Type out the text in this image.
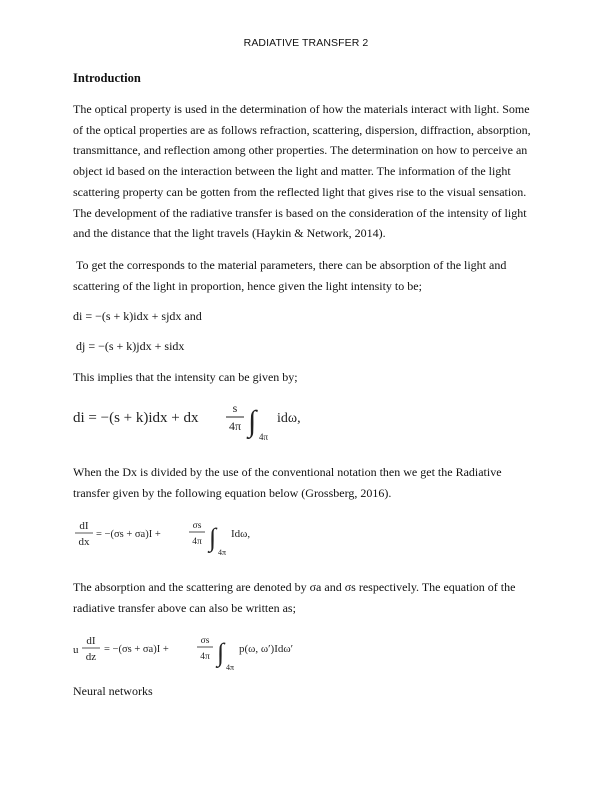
RADIATIVE TRANSFER 2
Introduction
The optical property is used in the determination of how the materials interact with light. Some of the optical properties are as follows refraction, scattering, dispersion, diffraction, absorption, transmittance, and reflection among other properties. The determination on how to perceive an object id based on the interaction between the light and matter. The information of the light scattering property can be gotten from the reflected light that gives rise to the visual sensation. The development of the radiative transfer is based on the consideration of the intensity of light and the distance that the light travels (Haykin & Network, 2014).
To get the corresponds to the material parameters, there can be absorption of the light and scattering of the light in proportion, hence given the light intensity to be;
di = −(s + k)idx + sjdx and
dj = −(s + k)jdx + sidx
This implies that the intensity can be given by;
di = −(s + k)idx + dx
s
4π ∫ 4π
idω,
When the Dx is divided by the use of the conventional notation then we get the Radiative transfer given by the following equation below (Grossberg, 2016).
dI
dx
= −(σs + σa)I +
σs
4π ∫
4π
Idω,
The absorption and the scattering are denoted by σa and σs respectively. The equation of the radiative transfer above can also be written as;
u
dI
dz
= −(σs + σa)I +
σs
4π ∫
4π
p(ω, ω′)Idω′
Neural networks
